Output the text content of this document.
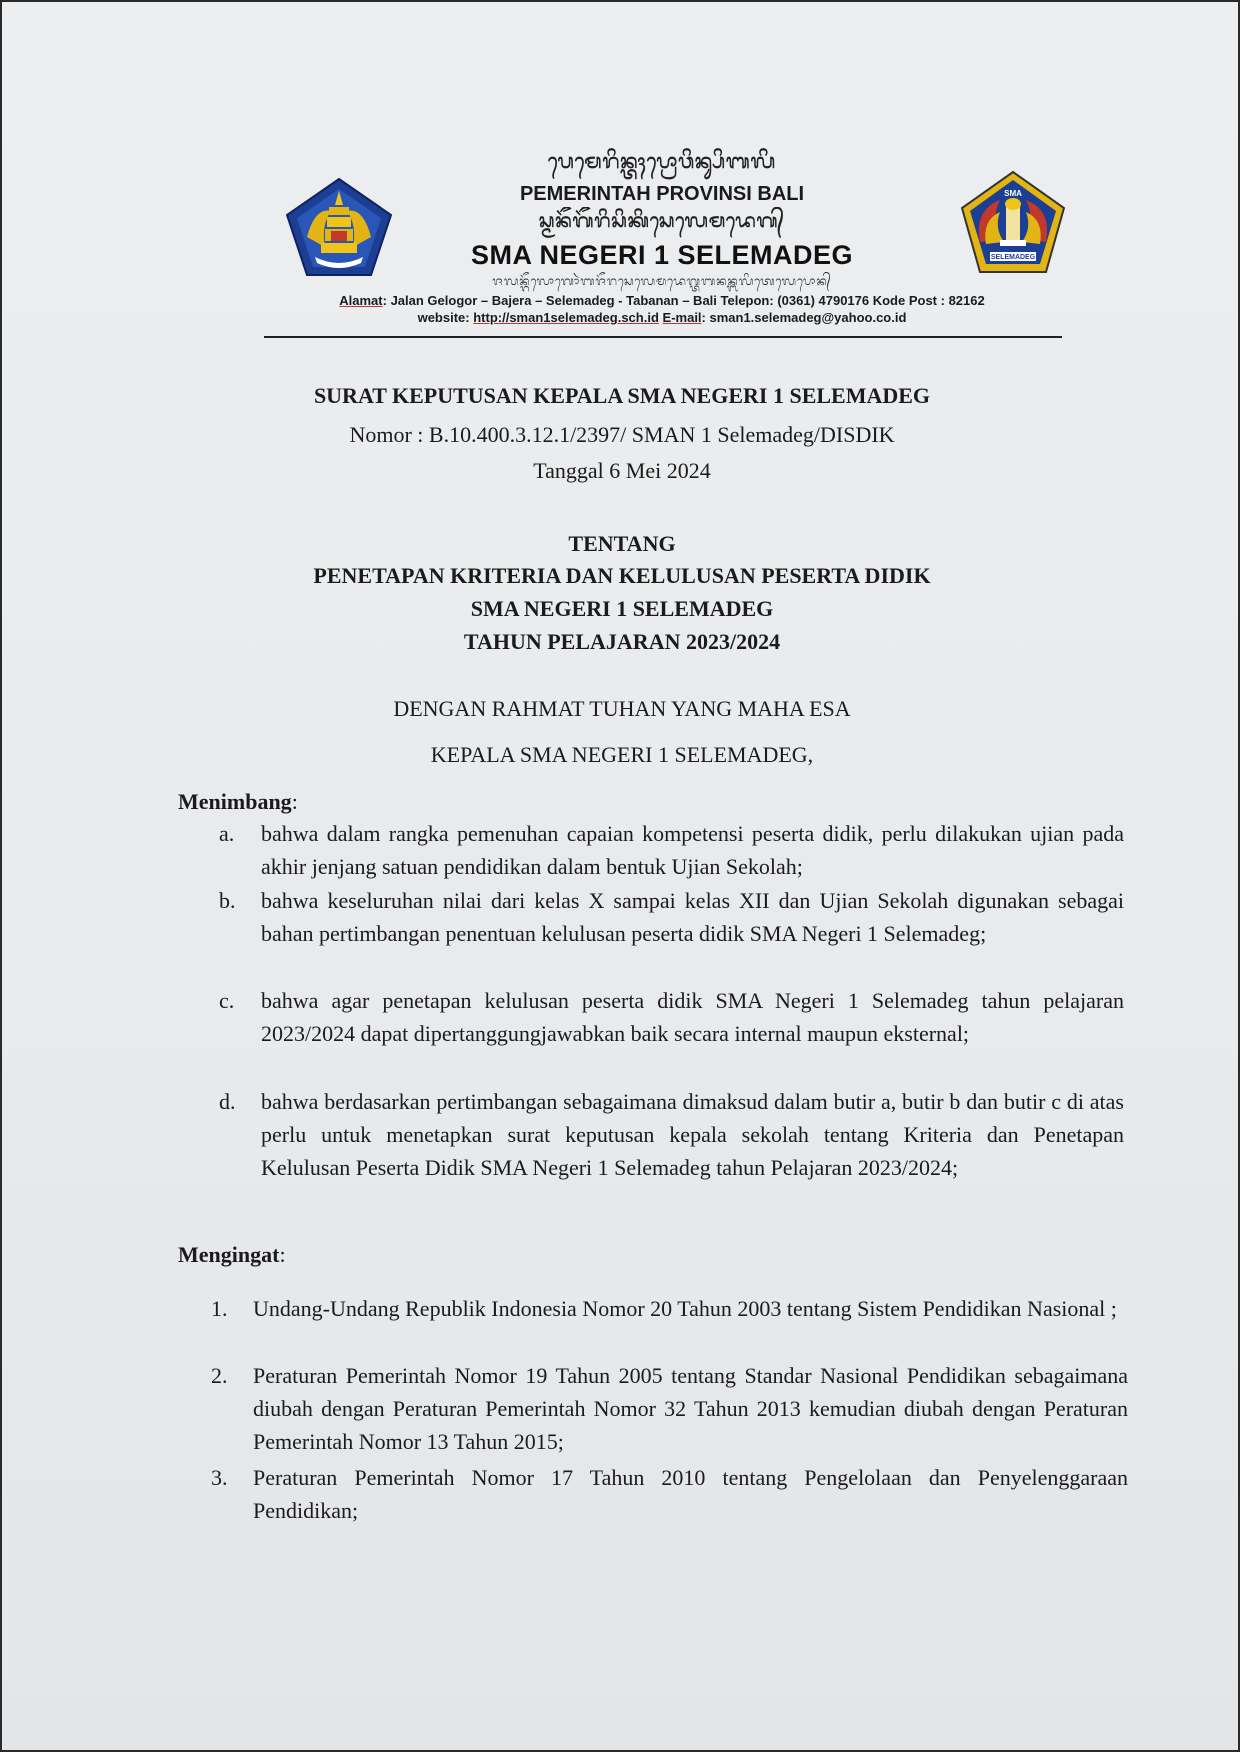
SMA
SELEMADEG
ᬧᬾᬫᬾᬭᬶᬦ᭄ᬢᬄᬧ᭄ᬭᭀᬯᬶᬦ᭄ᬲᬶᬩᬮᬶ
PEMERINTAH PROVINSI BALI
ᬲ᭄ᬫᬦᭂᬕᭂᬭᬶᬲᬶᬓᬶᬲᬾᬮᬾᬫᬤᬾᬕ᭄
SMA NEGERI 1 SELEMADEG
ᬚᬮᬦ᭄ᬕᭂᬮᭀᬕᭀᬃᬩᬚᭂᬭᬲᬾᬮᬾᬫᬤᬾᬕ᭄ᬢᬩᬦᬦ᭄ᬩᬮᬶᬢᬾᬮᬾᬧᭀᬦ᭄
Alamat: Jalan Gelogor – Bajera – Selemadeg - Tabanan – Bali Telepon: (0361) 4790176 Kode Post : 82162
website: http://sman1selemadeg.sch.id E-mail: sman1.selemadeg@yahoo.co.id
SURAT KEPUTUSAN KEPALA SMA NEGERI 1 SELEMADEG
Nomor : B.10.400.3.12.1/2397/ SMAN 1 Selemadeg/DISDIK
Tanggal 6 Mei 2024
TENTANG
PENETAPAN KRITERIA DAN KELULUSAN PESERTA DIDIK
SMA NEGERI 1 SELEMADEG
TAHUN PELAJARAN 2023/2024
DENGAN RAHMAT TUHAN YANG MAHA ESA
KEPALA SMA NEGERI 1 SELEMADEG,
Menimbang:
a. bahwa dalam rangka pemenuhan capaian kompetensi peserta didik, perlu dilakukan ujian pada akhir jenjang satuan pendidikan dalam bentuk Ujian Sekolah;
b. bahwa keseluruhan nilai dari kelas X sampai kelas XII dan Ujian Sekolah digunakan sebagai bahan pertimbangan penentuan kelulusan peserta didik SMA Negeri 1 Selemadeg;
c. bahwa agar penetapan kelulusan peserta didik SMA Negeri 1 Selemadeg tahun pelajaran 2023/2024 dapat dipertanggungjawabkan baik secara internal maupun eksternal;
d. bahwa berdasarkan pertimbangan sebagaimana dimaksud dalam butir a, butir b dan butir c di atas perlu untuk menetapkan surat keputusan kepala sekolah tentang Kriteria dan Penetapan Kelulusan Peserta Didik SMA Negeri 1 Selemadeg tahun Pelajaran 2023/2024;
Mengingat:
1. Undang-Undang Republik Indonesia Nomor 20 Tahun 2003 tentang Sistem Pendidikan Nasional ;
2. Peraturan Pemerintah Nomor 19 Tahun 2005 tentang Standar Nasional Pendidikan sebagaimana diubah dengan Peraturan Pemerintah Nomor 32 Tahun 2013 kemudian diubah dengan Peraturan Pemerintah Nomor 13 Tahun 2015;
3. Peraturan Pemerintah Nomor 17 Tahun 2010 tentang Pengelolaan dan Penyelenggaraan Pendidikan;
